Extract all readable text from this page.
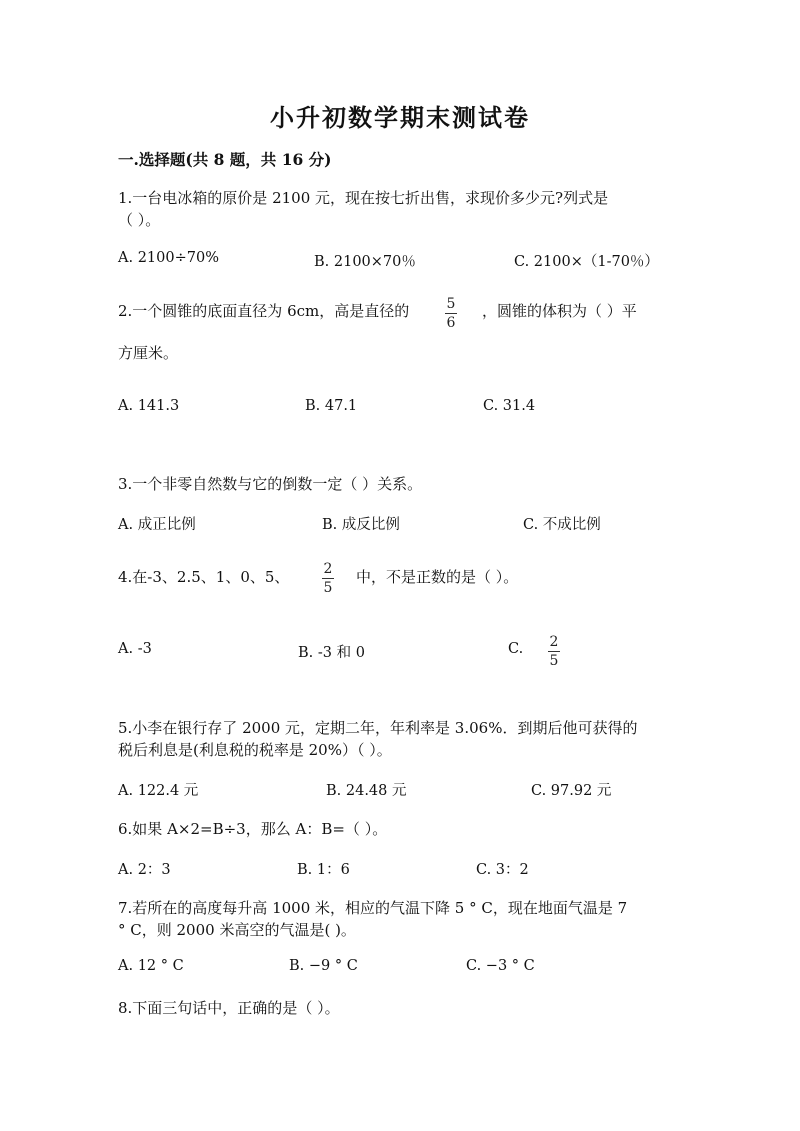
小升初数学期末测试卷
一.选择题(共 8 题，共 16 分)
1.一台电冰箱的原价是 2100 元，现在按七折出售，求现价多少元?列式是
（ ）。
A. 2100÷70%	B. 2100×70％	C. 2100×（1-70％）
2.一个圆锥的底面直径为 6cm，高是直径的	5
6
，圆锥的体积为（ ）平
方厘米。
A. 141.3	B. 47.1	C. 31.4
3.一个非零自然数与它的倒数一定（ ）关系。
A. 成正比例	B. 成反比例	C. 不成比例
4.在-3、2.5、1、0、5、 2
5
中，不是正数的是（ ）。
A. -3	B. -3 和 0	C. 2
5
5.小李在银行存了 2000 元，定期二年，年利率是 3.06%．到期后他可获得的
税后利息是(利息税的税率是 20%）（ ）。
A. 122.4 元	B. 24.48 元	C. 97.92 元
6.如果 A×2=B÷3，那么 A：B=（ ）。
A. 2：3	B. 1：6	C. 3：2
7.若所在的高度每升高 1000 米，相应的气温下降 5 ° C，现在地面气温是 7
° C，则 2000 米高空的气温是( )。
A. 12 ° C	B. −9 ° C	C. −3 ° C
8.下面三句话中，正确的是（ ）。
